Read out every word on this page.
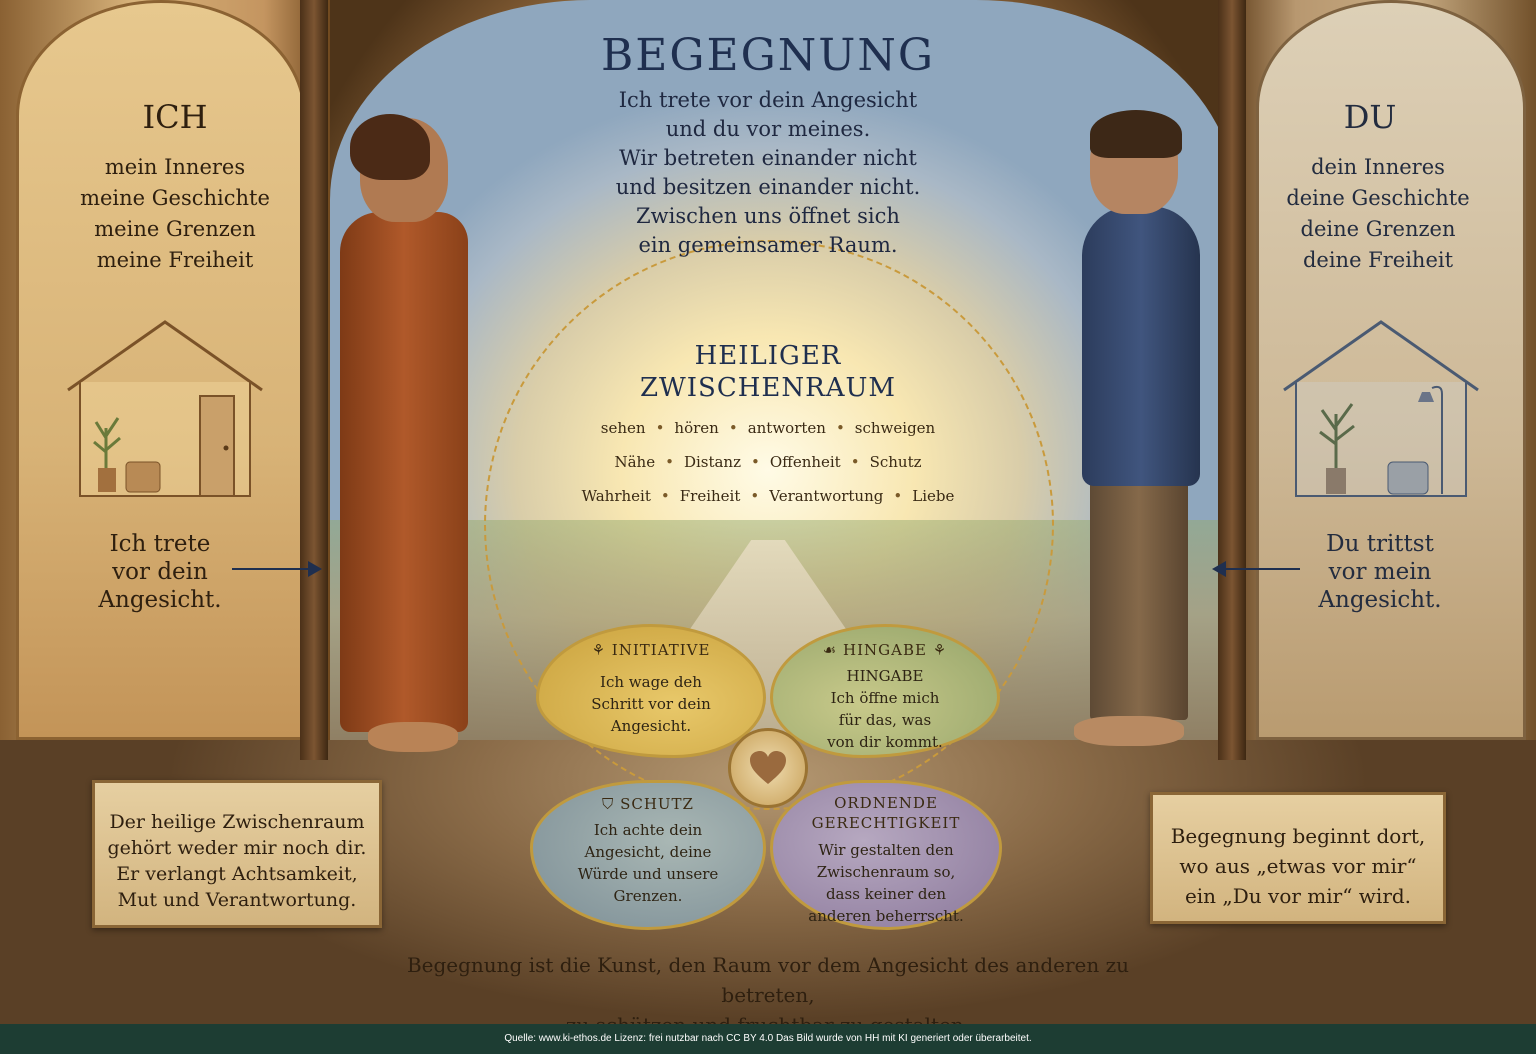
BEGEGNUNG
Ich trete vor dein Angesicht
und du vor meines.
Wir betreten einander nicht
und besitzen einander nicht.
Zwischen uns öffnet sich
ein gemeinsamer Raum.
ICH
mein Inneres
meine Geschichte
meine Grenzen
meine Freiheit
Ich trete
vor dein
Angesicht.
DU
dein Inneres
deine Geschichte
deine Grenzen
deine Freiheit
Du trittst
vor mein
Angesicht.
HEILIGER
ZWISCHENRAUM
sehen • hören • antworten • schweigen
Nähe • Distanz • Offenheit • Schutz
Wahrheit • Freiheit • Verantwortung • Liebe
⚘ INITIATIVE
Ich wage deh
Schritt vor dein
Angesicht.
☙ HINGABE ⚘
HINGABE
Ich öffne mich
für das, was
von dir kommt.
⛉ SCHUTZ
Ich achte dein
Angesicht, deine
Würde und unsere
Grenzen.
ORDNENDE
GERECHTIGKEIT
Wir gestalten den
Zwischenraum so,
dass keiner den
anderen beherrscht.
Der heilige Zwischenraum
gehört weder mir noch dir.
Er verlangt Achtsamkeit,
Mut und Verantwortung.
Begegnung beginnt dort,
wo aus „etwas vor mir“
ein „Du vor mir“ wird.
Begegnung ist die Kunst, den Raum vor dem Angesicht des anderen zu betreten,

Quelle: www.ki-ethos.de Lizenz: frei nutzbar nach CC BY 4.0 Das Bild wurde von HH mit KI generiert oder überarbeitet.
